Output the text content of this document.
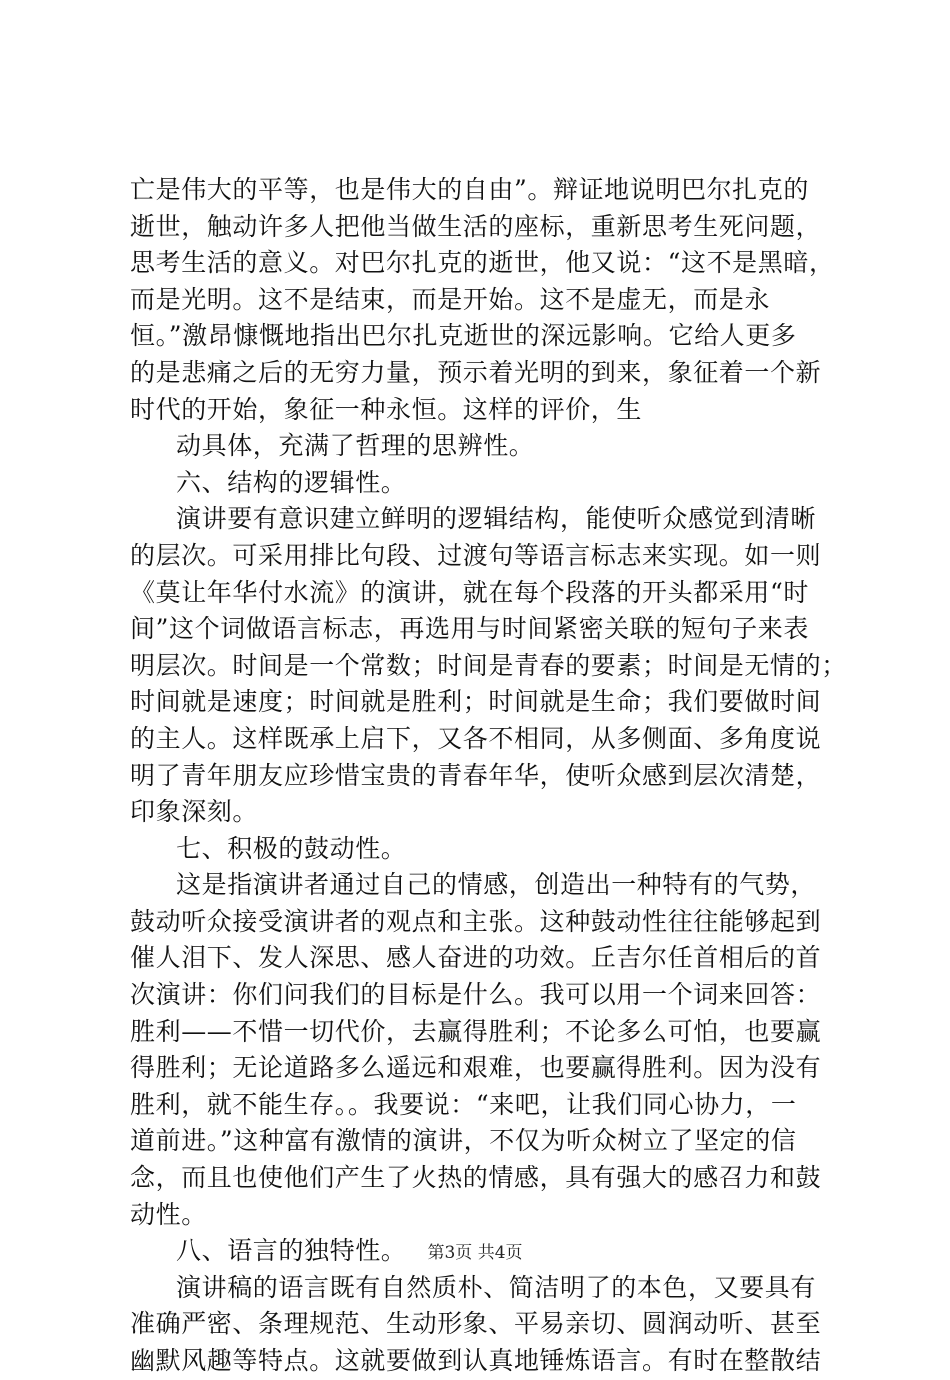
亡是伟大的平等，也是伟大的自由”。辩证地说明巴尔扎克的
逝世，触动许多人把他当做生活的座标，重新思考生死问题，
思考生活的意义。对巴尔扎克的逝世，他又说：“这不是黑暗，
而是光明。这不是结束，而是开始。这不是虚无，而是永
恒。”激昂慷慨地指出巴尔扎克逝世的深远影响。它给人更多
的是悲痛之后的无穷力量，预示着光明的到来，象征着一个新
时代的开始，象征一种永恒。这样的评价，生
动具体，充满了哲理的思辨性。
六、结构的逻辑性。
演讲要有意识建立鲜明的逻辑结构，能使听众感觉到清晰
的层次。可采用排比句段、过渡句等语言标志来实现。如一则
《莫让年华付水流》的演讲，就在每个段落的开头都采用“时
间”这个词做语言标志，再选用与时间紧密关联的短句子来表
明层次。时间是一个常数；时间是青春的要素；时间是无情的；
时间就是速度；时间就是胜利；时间就是生命；我们要做时间
的主人。这样既承上启下，又各不相同，从多侧面、多角度说
明了青年朋友应珍惜宝贵的青春年华，使听众感到层次清楚，
印象深刻。
七、积极的鼓动性。
这是指演讲者通过自己的情感，创造出一种特有的气势，
鼓动听众接受演讲者的观点和主张。这种鼓动性往往能够起到
催人泪下、发人深思、感人奋进的功效。丘吉尔任首相后的首
次演讲：你们问我们的目标是什么。我可以用一个词来回答：
胜利——不惜一切代价，去赢得胜利；不论多么可怕，也要赢
得胜利；无论道路多么遥远和艰难，也要赢得胜利。因为没有
胜利，就不能生存。。我要说：“来吧，让我们同心协力，一
道前进。”这种富有激情的演讲，不仅为听众树立了坚定的信
念，而且也使他们产生了火热的情感，具有强大的感召力和鼓
动性。
八、语言的独特性。
演讲稿的语言既有自然质朴、简洁明了的本色，又要具有
准确严密、条理规范、生动形象、平易亲切、圆润动听、甚至
幽默风趣等特点。这就要做到认真地锤炼语言。有时在整散结
第3页 共4页
